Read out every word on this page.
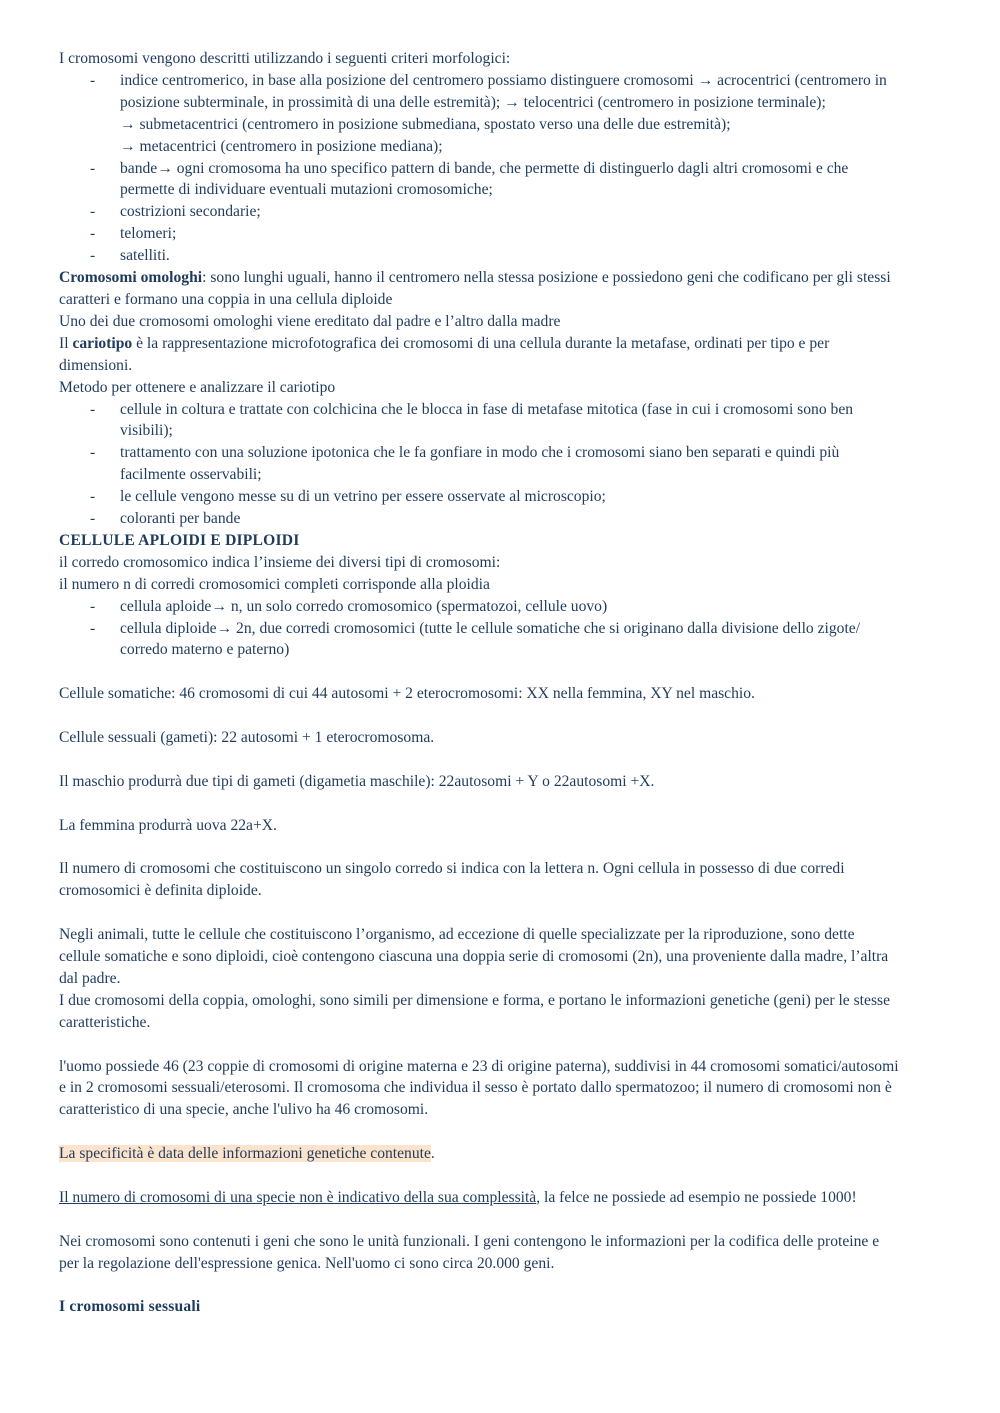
I cromosomi vengono descritti utilizzando i seguenti criteri morfologici:

- indice centromerico, in base alla posizione del centromero possiamo distinguere cromosomi → acrocentrici (centromero in posizione subterminale, in prossimità di una delle estremità); → telocentrici (centromero in posizione terminale);
→ submetacentrici (centromero in posizione submediana, spostato verso una delle due estremità);
→ metacentrici (centromero in posizione mediana);
- bande→ ogni cromosoma ha uno specifico pattern di bande, che permette di distinguerlo dagli altri cromosomi e che permette di individuare eventuali mutazioni cromosomiche;
- costrizioni secondarie;
- telomeri;
- satelliti.

Cromosomi omologhi: sono lunghi uguali, hanno il centromero nella stessa posizione e possiedono geni che codificano per gli stessi caratteri e formano una coppia in una cellula diploide

Uno dei due cromosomi omologhi viene ereditato dal padre e l’altro dalla madre

Il cariotipo è la rappresentazione microfotografica dei cromosomi di una cellula durante la metafase, ordinati per tipo e per dimensioni.

Metodo per ottenere e analizzare il cariotipo

- cellule in coltura e trattate con colchicina che le blocca in fase di metafase mitotica (fase in cui i cromosomi sono ben visibili);
- trattamento con una soluzione ipotonica che le fa gonfiare in modo che i cromosomi siano ben separati e quindi più facilmente osservabili;
- le cellule vengono messe su di un vetrino per essere osservate al microscopio;
- coloranti per bande

CELLULE APLOIDI E DIPLOIDI

il corredo cromosomico indica l’insieme dei diversi tipi di cromosomi:

il numero n di corredi cromosomici completi corrisponde alla ploidia

- cellula aploide→ n, un solo corredo cromosomico (spermatozoi, cellule uovo)
- cellula diploide→ 2n, due corredi cromosomici (tutte le cellule somatiche che si originano dalla divisione dello zigote/ corredo materno e paterno)

Cellule somatiche: 46 cromosomi di cui 44 autosomi + 2 eterocromosomi: XX nella femmina, XY nel maschio.

Cellule sessuali (gameti): 22 autosomi + 1 eterocromosoma.

Il maschio produrrà due tipi di gameti (digametia maschile): 22autosomi + Y o 22autosomi +X.

La femmina produrrà uova 22a+X.

Il numero di cromosomi che costituiscono un singolo corredo si indica con la lettera n. Ogni cellula in possesso di due corredi cromosomici è definita diploide.

Negli animali, tutte le cellule che costituiscono l’organismo, ad eccezione di quelle specializzate per la riproduzione, sono dette cellule somatiche e sono diploidi, cioè contengono ciascuna una doppia serie di cromosomi (2n), una proveniente dalla madre, l’altra dal padre.

I due cromosomi della coppia, omologhi, sono simili per dimensione e forma, e portano le informazioni genetiche (geni) per le stesse caratteristiche.

l'uomo possiede 46 (23 coppie di cromosomi di origine materna e 23 di origine paterna), suddivisi in 44 cromosomi somatici/autosomi e in 2 cromosomi sessuali/eterosomi. Il cromosoma che individua il sesso è portato dallo spermatozoo; il numero di cromosomi non è caratteristico di una specie, anche l'ulivo ha 46 cromosomi.

La specificità è data delle informazioni genetiche contenute.

Il numero di cromosomi di una specie non è indicativo della sua complessità, la felce ne possiede ad esempio ne possiede 1000!

Nei cromosomi sono contenuti i geni che sono le unità funzionali. I geni contengono le informazioni per la codifica delle proteine e per la regolazione dell'espressione genica. Nell'uomo ci sono circa 20.000 geni.

I cromosomi sessuali
